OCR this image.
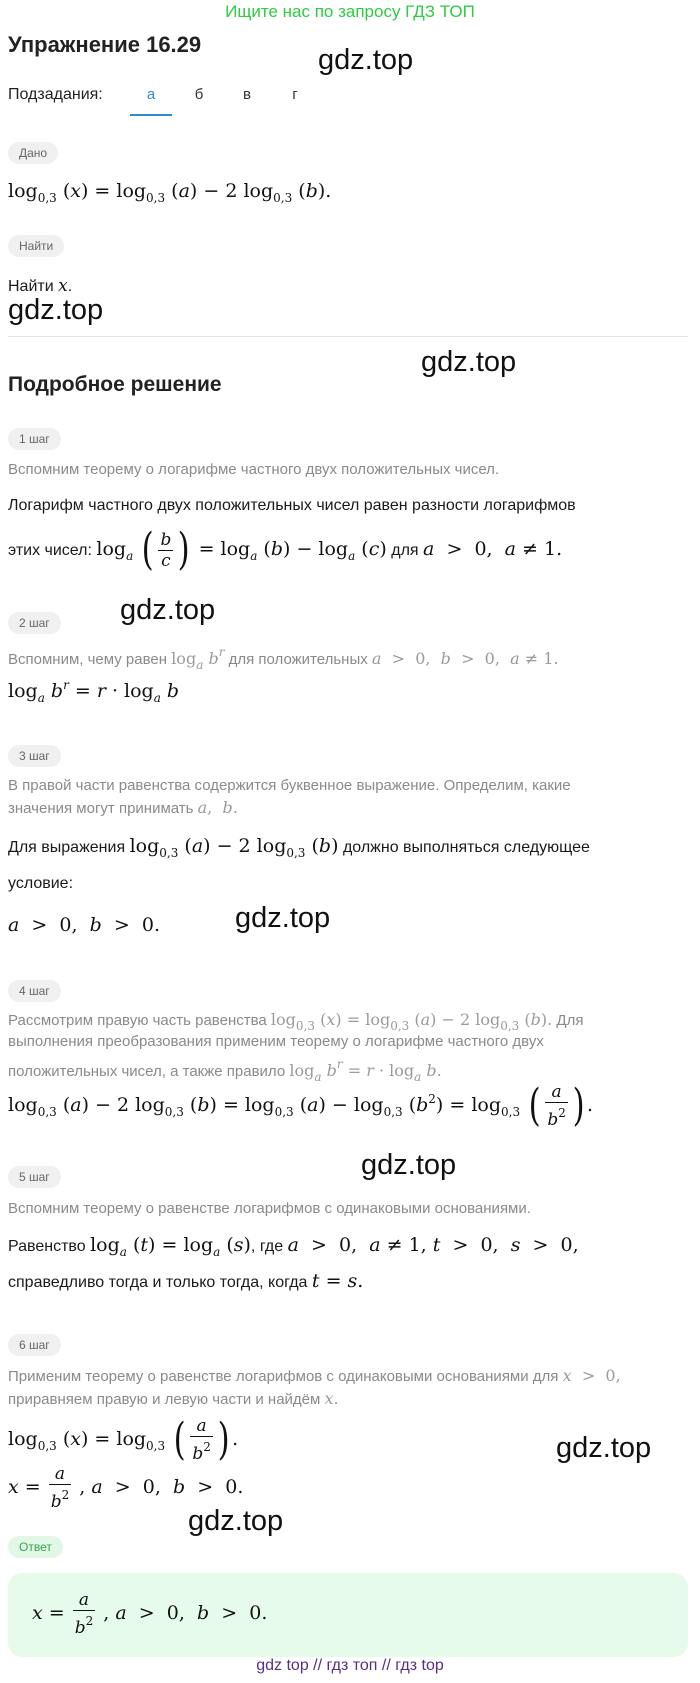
Ищите нас по запросу ГДЗ ТОП
Упражнение 16.29	gdz.top
Подзадания:	а	б	в	г
Дано
$\log_{0,3} (x) = \log_{0,3} (a) - 2$ $\log_{0,3} (b)$.
Найти
Найти x.
gdz.top
gdz.top
Подробное решение
1 шаг
Вспомним теорему о логарифме частного двух положительных чисел.
Логарифм частного двух положительных чисел равен разности логарифмов
этих чисел: $\log_a$ ( $\frac{b}{c}$ ) = $\log_a (b) - \log_a (c)$ для a  >  0,  a ≠ 1.
2 шаг	gdz.top
Вспомним, чему равен $\log_a b^r$ для положительных a  >  0,  b  >  0,  a ≠ 1.
$\log_a b^r = r \cdot \log_a b$
3 шаг
В правой части равенства содержится буквенное выражение. Определим, какие
значения могут принимать a,  b.
Для выражения $\log_{0,3} (a) - 2$ $\log_{0,3} (b)$ должно выполняться следующее
условие:
a  >  0,  b  >  0.	gdz.top
4 шаг
Рассмотрим правую часть равенства $\log_{0,3} (x) = \log_{0,3} (a) - 2$ $\log_{0,3} (b)$. Для
выполнения преобразования применим теорему о логарифме частного двух
положительных чисел, а также правило $\log_a b^r = r \cdot \log_a b$.
$\log_{0,3} (a) - 2$ $\log_{0,3} (b) = \log_{0,3} (a) - \log_{0,3} (b^2) = \log_{0,3}$ ( $\frac{a}{b^2}$ ) .
gdz.top
5 шаг
Вспомним теорему о равенстве логарифмов с одинаковыми основаниями.
Равенство $\log_a (t) = \log_a (s)$, где a  >  0,  a ≠ 1, t  >  0,  s  >  0,
справедливо тогда и только тогда, когда t = s.
6 шаг
Применим теорему о равенстве логарифмов с одинаковыми основаниями для x  >  0,
приравняем правую и левую части и найдём x.
$\log_{0,3} (x) = \log_{0,3}$ ( $\frac{a}{b^2}$ ) .	gdz.top
$x = \frac{a}{b^2}$ , a  >  0,  b  >  0.
gdz.top
Ответ
$x = \frac{a}{b^2}$ , a  >  0,  b  >  0.
gdz top // гдз топ // гдз top
